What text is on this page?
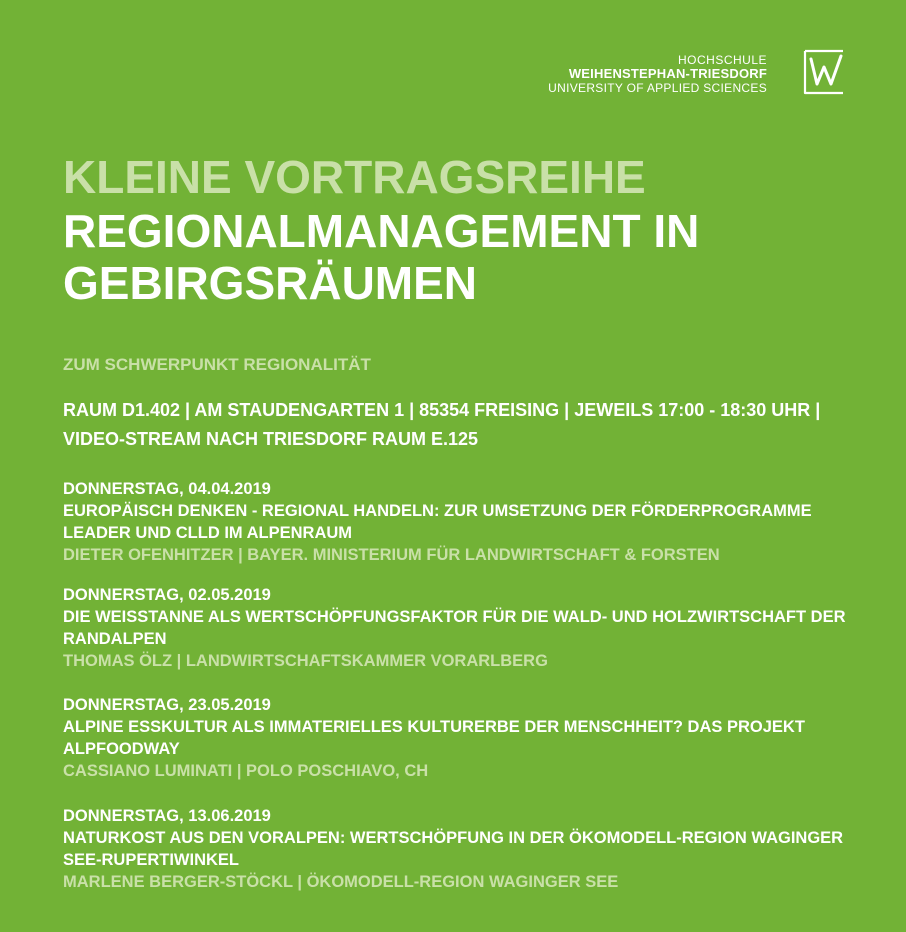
HOCHSCHULE
WEIHENSTEPHAN-TRIESDORF
UNIVERSITY OF APPLIED SCIENCES
KLEINE VORTRAGSREIHE
REGIONALMANAGEMENT IN GEBIRGSRÄUMEN
ZUM SCHWERPUNKT REGIONALITÄT
RAUM D1.402 | AM STAUDENGARTEN 1 | 85354 FREISING | JEWEILS 17:00 - 18:30 UHR | VIDEO-STREAM NACH TRIESDORF RAUM E.125
DONNERSTAG, 04.04.2019
EUROPÄISCH DENKEN - REGIONAL HANDELN: ZUR UMSETZUNG DER FÖRDERPROGRAMME LEADER UND CLLD IM ALPENRAUM
DIETER OFENHITZER | BAYER. MINISTERIUM FÜR LANDWIRTSCHAFT & FORSTEN
DONNERSTAG, 02.05.2019
DIE WEISSTANNE ALS WERTSCHÖPFUNGSFAKTOR FÜR DIE WALD- UND HOLZWIRTSCHAFT DER RANDALPEN
THOMAS ÖLZ | LANDWIRTSCHAFTSKAMMER VORARLBERG
DONNERSTAG, 23.05.2019
ALPINE ESSKULTUR ALS IMMATERIELLES KULTURERBE DER MENSCHHEIT? DAS PROJEKT ALPFOODWAY
CASSIANO LUMINATI | POLO POSCHIAVO, CH
DONNERSTAG, 13.06.2019
NATURKOST AUS DEN VORALPEN: WERTSCHÖPFUNG IN DER ÖKOMODELL-REGION WAGINGER SEE-RUPERTIWINKEL
MARLENE BERGER-STÖCKL | ÖKOMODELL-REGION WAGINGER SEE
